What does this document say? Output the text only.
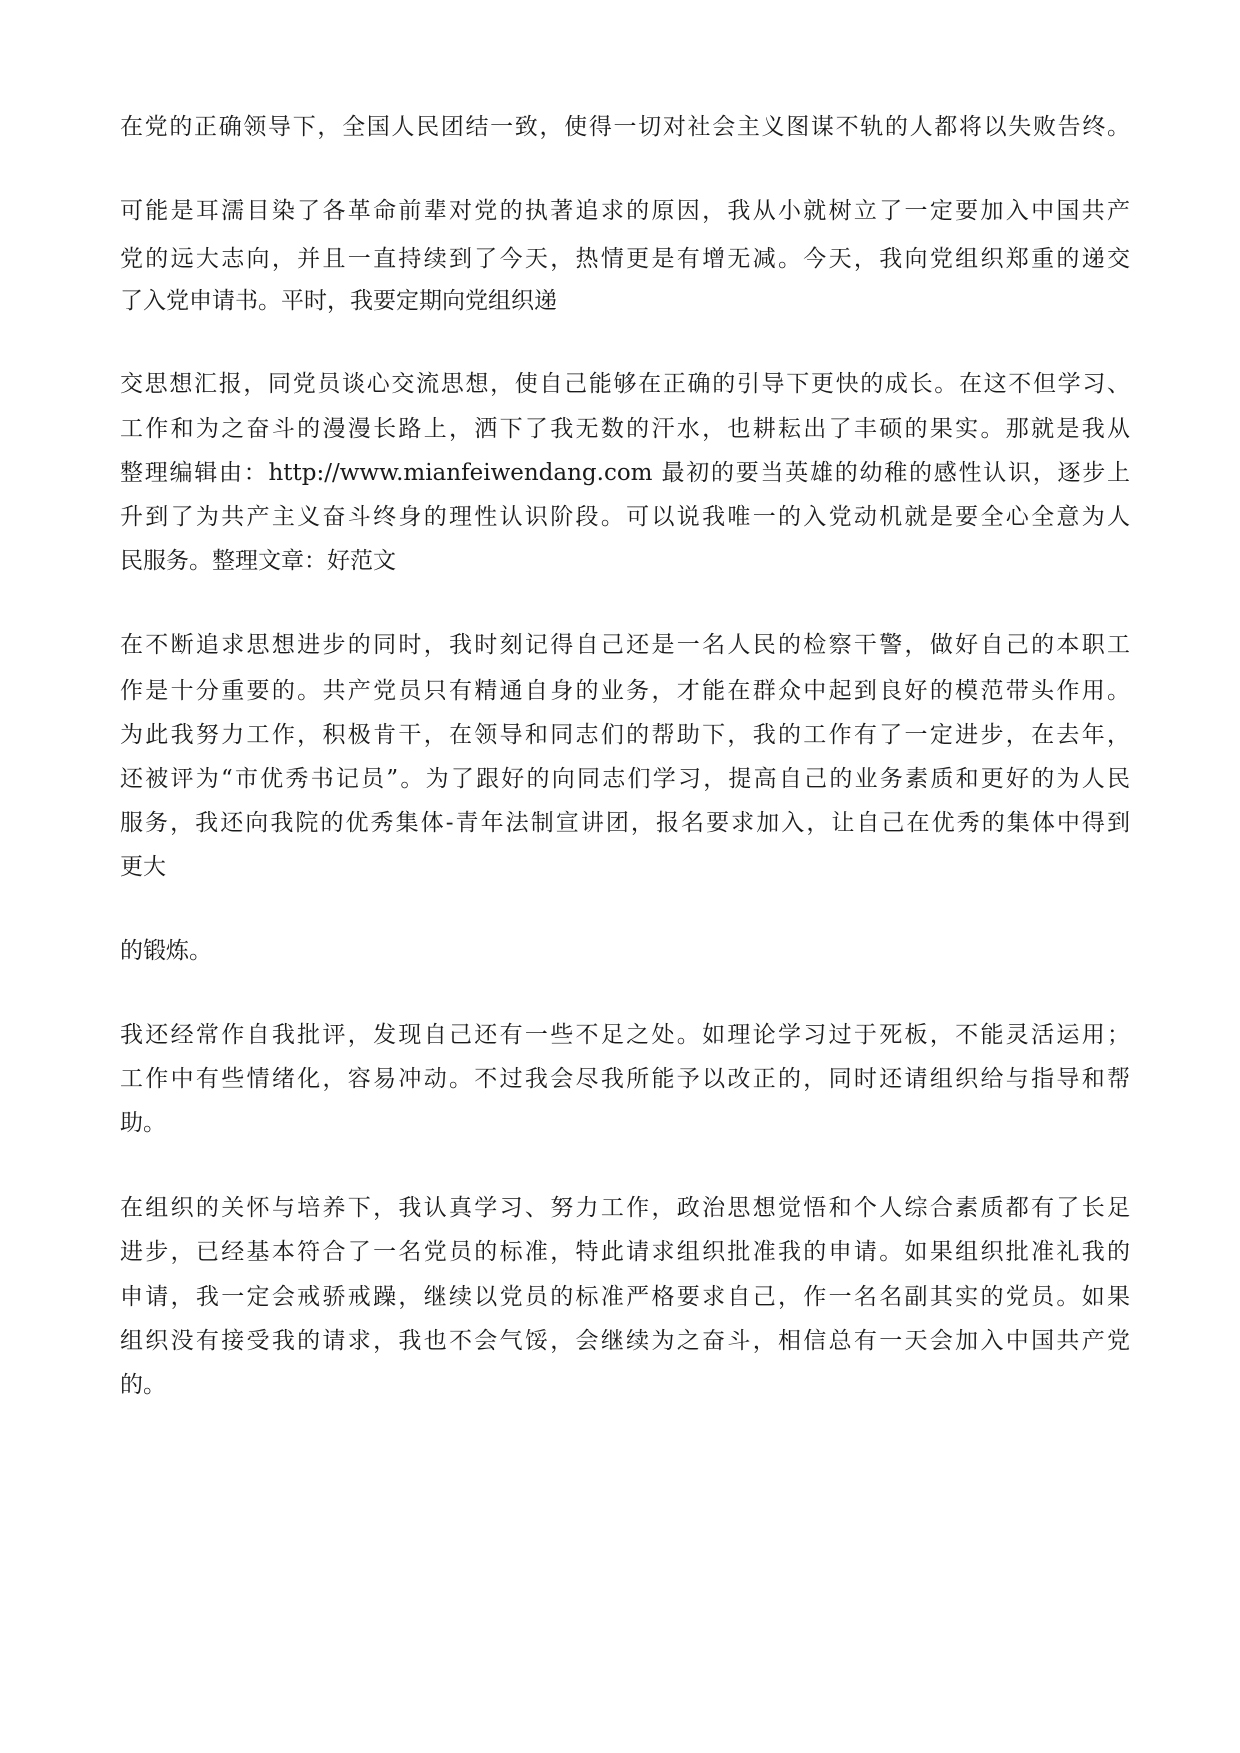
在党的正确领导下，全国人民团结一致，使得一切对社会主义图谋不轨的人都将以失败告终。
可能是耳濡目染了各革命前辈对党的执著追求的原因，我从小就树立了一定要加入中国共产
党的远大志向，并且一直持续到了今天，热情更是有增无减。今天，我向党组织郑重的递交
了入党申请书。平时，我要定期向党组织递
交思想汇报，同党员谈心交流思想，使自己能够在正确的引导下更快的成长。在这不但学习、
工作和为之奋斗的漫漫长路上，洒下了我无数的汗水，也耕耘出了丰硕的果实。那就是我从
整理编辑由：http://www.mianfeiwendang.com 最初的要当英雄的幼稚的感性认识，逐步上
升到了为共产主义奋斗终身的理性认识阶段。可以说我唯一的入党动机就是要全心全意为人
民服务。整理文章：好范文
在不断追求思想进步的同时，我时刻记得自己还是一名人民的检察干警，做好自己的本职工
作是十分重要的。共产党员只有精通自身的业务，才能在群众中起到良好的模范带头作用。
为此我努力工作，积极肯干，在领导和同志们的帮助下，我的工作有了一定进步，在去年，
还被评为“市优秀书记员”。为了跟好的向同志们学习，提高自己的业务素质和更好的为人民
服务，我还向我院的优秀集体-青年法制宣讲团，报名要求加入，让自己在优秀的集体中得到
更大
的锻炼。
我还经常作自我批评，发现自己还有一些不足之处。如理论学习过于死板，不能灵活运用；
工作中有些情绪化，容易冲动。不过我会尽我所能予以改正的，同时还请组织给与指导和帮
助。
在组织的关怀与培养下，我认真学习、努力工作，政治思想觉悟和个人综合素质都有了长足
进步，已经基本符合了一名党员的标准，特此请求组织批准我的申请。如果组织批准礼我的
申请，我一定会戒骄戒躁，继续以党员的标准严格要求自己，作一名名副其实的党员。如果
组织没有接受我的请求，我也不会气馁，会继续为之奋斗，相信总有一天会加入中国共产党
的。
